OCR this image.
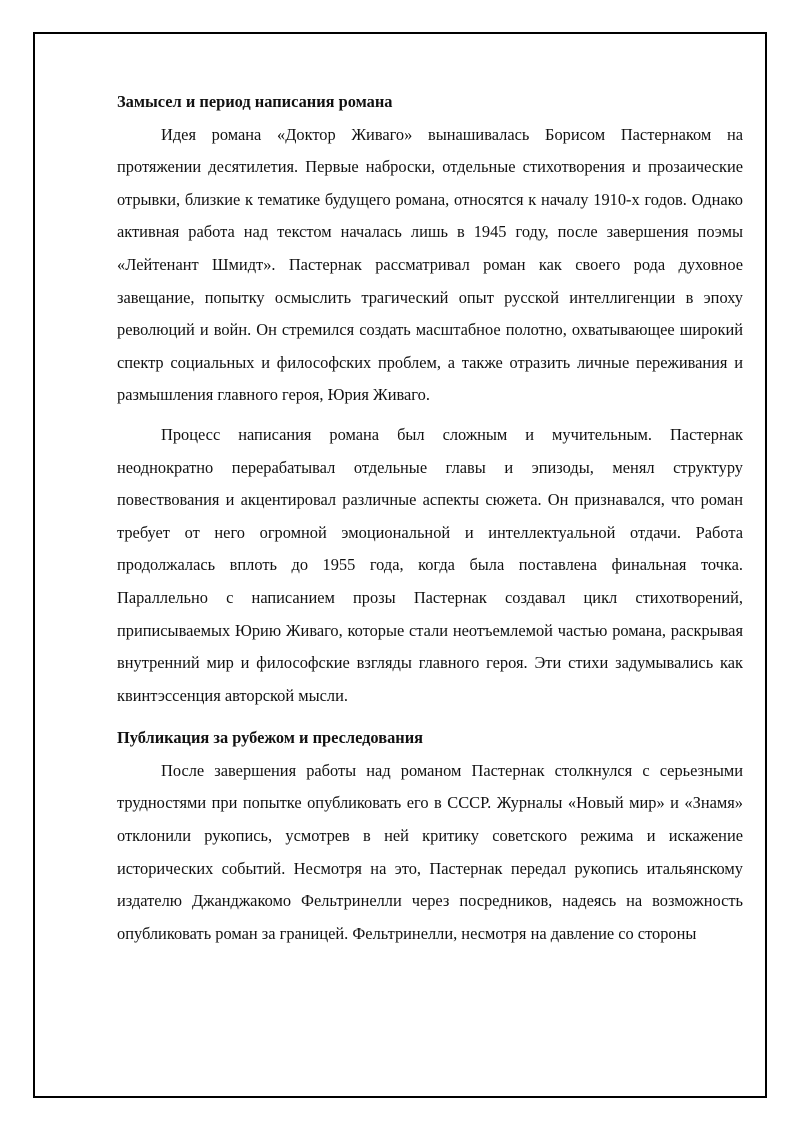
Замысел и период написания романа

Идея романа «Доктор Живаго» вынашивалась Борисом Пастернаком на протяжении десятилетия. Первые наброски, отдельные стихотворения и прозаические отрывки, близкие к тематике будущего романа, относятся к началу 1910-х годов. Однако активная работа над текстом началась лишь в 1945 году, после завершения поэмы «Лейтенант Шмидт». Пастернак рассматривал роман как своего рода духовное завещание, попытку осмыслить трагический опыт русской интеллигенции в эпоху революций и войн. Он стремился создать масштабное полотно, охватывающее широкий спектр социальных и философских проблем, а также отразить личные переживания и размышления главного героя, Юрия Живаго.

Процесс написания романа был сложным и мучительным. Пастернак неоднократно перерабатывал отдельные главы и эпизоды, менял структуру повествования и акцентировал различные аспекты сюжета. Он признавался, что роман требует от него огромной эмоциональной и интеллектуальной отдачи. Работа продолжалась вплоть до 1955 года, когда была поставлена финальная точка. Параллельно с написанием прозы Пастернак создавал цикл стихотворений, приписываемых Юрию Живаго, которые стали неотъемлемой частью романа, раскрывая внутренний мир и философские взгляды главного героя. Эти стихи задумывались как квинтэссенция авторской мысли.

Публикация за рубежом и преследования

После завершения работы над романом Пастернак столкнулся с серьезными трудностями при попытке опубликовать его в СССР. Журналы «Новый мир» и «Знамя» отклонили рукопись, усмотрев в ней критику советского режима и искажение исторических событий. Несмотря на это, Пастернак передал рукопись итальянскому издателю Джанджакомо Фельтринелли через посредников, надеясь на возможность опубликовать роман за границей. Фельтринелли, несмотря на давление со стороны
